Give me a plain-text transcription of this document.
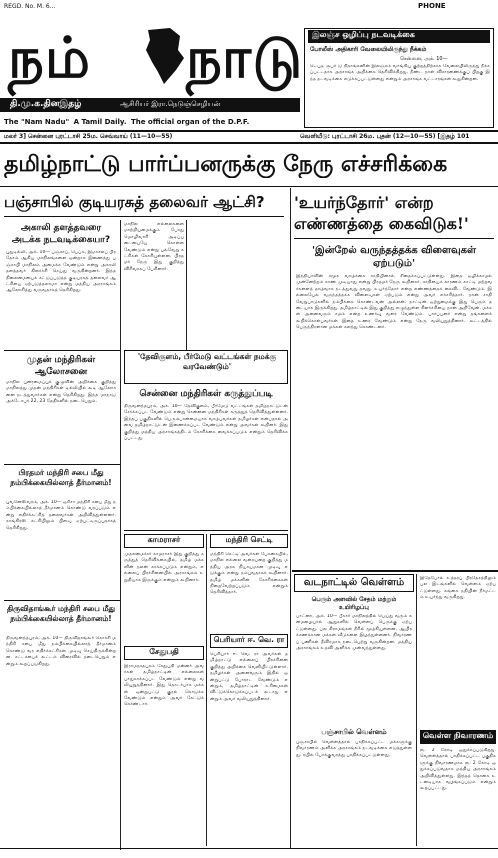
REGD. No. M. 6...	PHONE
நம்	நாடு
தி.மு.க.தினஇதழ்	ஆசிரியர் இரா.நெடுஞ்செழியன்
The "Nam Nadu" A Tamil Daily. The official organ of the D.P.F.
இலஞ்ச ஒழிப்பு நடவடிக்கை
போலீஸ் அதிகாரி வேலையிலிருந்து நீக்கம்
சென்னை, அக். 10—
டெபுடி சூபர் டு நிதாங்கனின் இலஞ்சம் வாங்கிய குற்றத்திற்காக வேலையிலிருந்து நீக்கப்பட்டதாக அரசாங்க அறிக்கை தெரிவிக்கிறது. நீண்ட நாள் விசாரணைக்குப் பிறகு இந்த நடவடிக்கை எடுக்கப்பட்டுள்ளது என்றும் அரசாங்க வட்டாரங்கள் கூறுகின்றன.
மலர் 3] சென்னை புரட்டாசி 25ம. செவ்வாய் (11—10—55)	வெளியீடு: புரட்டாசி 26ம. புதன் (12—10—55) [இதழ் 101
தமிழ்நாட்டு பார்ப்பனருக்கு நேரு எச்சரிக்கை
பஞ்சாபில் குடியரசுத் தலைவர் ஆட்சி?
அகாலி தளத்தவரை அடக்க நடவடிக்கையா?
புதுடில்லி, அக். 10— பஞ்சாப், பெப்சு, இமாசலப் பிரதேசம் ஆகிய மாநிலங்களை ஒன்றாக இணைத்து பஞ்சாபி மாநிலம் அமைக்க வேண்டும் என்று அகாலி தளத்தவர் கிளர்ச்சி செய்து வருகின்றனர். இந்த நிலைமையைக் கட்டுப்படுத்த குடியரசுத் தலைவர் ஆட்சியை ஏற்படுத்தலாமா என்று மத்திய அரசாங்கம் ஆலோசித்து வருவதாகத் தெரிகிறது.
மாநில எல்லைகளை மாற்றியமைக்கும் போது மொழிவாரி அடிப்படையையே கொள்ள வேண்டும் என்று பல்வேறு கட்சிகள் கோரியுள்ளன. பிரதமர் நேரு இது குறித்து விரிவாகப் பேசினார்.
முதன் மந்திரிகள் ஆலோசனை
மாநில புனரமைப்புக் குழுவின் அறிக்கை குறித்து மாநிலத்து முதன் மந்திரிகள் டில்லியில் கூடி ஆலோசனை நடத்துவார்கள் என்று தெரிகிறது. இந்த மாநாடு அக்டோபர் 22, 23 தேதிகளில் நடைபெறும்.
பிரதமர் மந்திரி சபை மீது நம்பிக்கையில்லாத் தீர்மானம்!
புவனேஸ்வரம், அக். 10— ஒரிசா மந்திரி சபை மீது நம்பிக்கையில்லாத் தீர்மானம் கொண்டு வரப்படும் என்று எதிர்க்கட்சித் தலைவர்கள் அறிவித்துள்ளனர். காங்கிரஸ் கட்சியிலும் பிளவு ஏற்பட்டிருப்பதாகத் தெரிகிறது.
திருவிதாங்கூர் மந்திரி சபை மீது நம்பிக்கையில்லாத் தீர்மானம்!
திருவனந்தபுரம், அக். 10— திருவிதாங்கூர் கொச்சி மந்திரி சபை மீது நம்பிக்கையில்லாத் தீர்மானம் கொண்டு வர எதிர்க்கட்சிகள் முடிவு செய்திருக்கின்றன. சட்டசபைக் கூட்டம் விரைவில் நடைபெறும் என்றும் கூறப்படுகிறது.
'தேவிகுளம், பீர்மேடு வட்டங்கள் நமக்கு வரவேண்டும்'
சென்னை மந்திரிகள் கருத்துப்படி
திருவனந்தபுரம், அக். 10— தேவிகுளம், பீர்மேடு வட்டங்கள் தமிழ்நாட்டுடன் சேர்க்கப்பட வேண்டும் என்று சென்னை மந்திரிகள் கருத்துத் தெரிவித்துள்ளனர். இந்தப் பகுதிகளில் பெரும்பான்மையாக வாழ்பவர்கள் தமிழர்கள் என்பதால் அவை தமிழ்நாட்டுடன் இணைக்கப்பட வேண்டும் என்று அவர்கள் கூறினர். இது குறித்து மத்திய அரசாங்கத்திடம் கோரிக்கை வைக்கப்படும் என்றும் தெரிவிக்கப்பட்டது.
காமராசர்
முதலமைச்சர் காமராசர் இது குறித்து கருத்துத் தெரிவிக்கையில், தமிழ் மக்களின் நலன் காக்கப்படும் என்றும், எல்லைப் பிரச்சினையில் அரசாங்கம் உறுதியாக இருக்கும் என்றும் கூறினார்.
சேதுபதி
இராமநாதபுரம் சேதுபதி மன்னர் அவர்கள் தமிழ்நாட்டின் எல்லைகள் பாதுகாக்கப்பட வேண்டும் என்று வலியுறுத்தினார். இது தொடர்பாக மக்கள் ஒன்றுபட்டு குரல் கொடுக்க வேண்டும் என்றும் அவர் கேட்டுக் கொண்டார்.
மந்திரி செட்டி
மந்திரி செட்டி அவர்கள் பேசுகையில், மாநில எல்லை வரையறை குறித்து மத்திய அரசு நியாயமான முடிவு எடுக்கும் என்று நம்புவதாகக் கூறினார். தமிழ் மக்களின் கோரிக்கைகள் நிறைவேற்றப்படும் என்றும் தெரிவித்தார்.
பெரியார் ஈ. வெ. ரா
பெரியார் ஈ. வெ. ரா அவர்கள் தமிழ்நாட்டு எல்லைப் பிரச்சினை குறித்து அறிக்கை வெளியிட்டுள்ளார். தமிழர்கள் அனைவரும் இதில் ஒன்றுபட்டு போராட வேண்டும் என்றும், தமிழ்நாட்டின் உரிமைகள் விட்டுக்கொடுக்கப்படக் கூடாது என்றும் அவர் வலியுறுத்தினார்.
'உயர்ந்தோர்' என்ற எண்ணத்தை கைவிடுக!'
'இன்றேல் வருந்தத்தக்க விளைவுகள் ஏற்படும்'
இந்தியாவின் சமூக வாழ்க்கை சாதியினால் சிதைக்கப்பட்டுள்ளது. இதை ஒழிக்காமல் முன்னேற்றம் காண முடியாது என்று பிரதமர் நேரு கூறினார். சாதியைக் காரணம் காட்டி மற்றவர்களைத் தாழ்வாக நடத்துவது தவறு. உயர்ந்தோர் என்ற எண்ணத்தைக் கைவிட வேண்டும். இல்லையேல் வருந்தத்தக்க விளைவுகள் ஏற்படும் என்று அவர் எச்சரித்தார். நான் சாதி வேறுபாடுகளில் நம்பிக்கை கொண்டவன் அல்லன். நாட்டின் ஒற்றுமைக்கு இது பெரும் தடையாக இருக்கிறது. தமிழ்நாட்டில் இது குறித்து எழுந்துள்ள கிளர்ச்சியை நான் அறிவேன். மக்கள் அனைவரும் சமம் என்ற உணர்வு வளர வேண்டும். பார்ப்பனர் என்று தங்களைக் கூறிக்கொள்பவர்கள் இதை உணர வேண்டும் என்று நேரு வலியுறுத்தினார். கூட்டத்தில் பெருந்திரளான மக்கள் கலந்து கொண்டனர்.
வடநாட்டில் வெள்ளம்
பெரும் அளவில் சேதம் மற்றும் உயிரிழப்பு
பாட்னா, அக். 10— பீகார் மாநிலத்தில் பெய்து வரும் கனமழையால் ஆறுகளில் வெள்ளப் பெருக்கு ஏற்பட்டுள்ளது. பல கிராமங்கள் நீரில் மூழ்கியுள்ளன. ஆயிரக்கணக்கான மக்கள் வீடுகளை இழந்துள்ளனர். நிவாரணப் பணிகள் தீவிரமாக நடைபெற்று வருகின்றன. மத்திய அரசாங்கம் உதவி அளிக்க முன்வந்துள்ளது.
பஞ்சாபில் வெள்ளம்
பஞ்சாபில் வெள்ளத்தால் பாதிக்கப்பட்ட மக்களுக்கு நிவாரணம் அளிக்க அரசாங்கம் நடவடிக்கை எடுத்துள்ளது. ரயில் போக்குவரத்து பாதிக்கப்பட்டுள்ளது.
இதேபோல் உத்தரப் பிரதேசத்திலும் பல இடங்களில் வெள்ளம் ஏற்பட்டுள்ளது. கங்கை நதியின் நீர்மட்டம் உயர்ந்து வருகிறது.
வெள்ள நிவாரணம்
ரூ. 2 கோடி ஒதுக்கப்படுகிறது. வெள்ளத்தால் பாதிக்கப்பட்ட பகுதிகளுக்கு நிவாரணமாக ரூ. 2 கோடி ஒதுக்கப்படுவதாக மத்திய அரசாங்கம் அறிவித்துள்ளது. இந்தத் தொகை உடனடியாக வழங்கப்படும் என்றும் கூறப்பட்டது.
